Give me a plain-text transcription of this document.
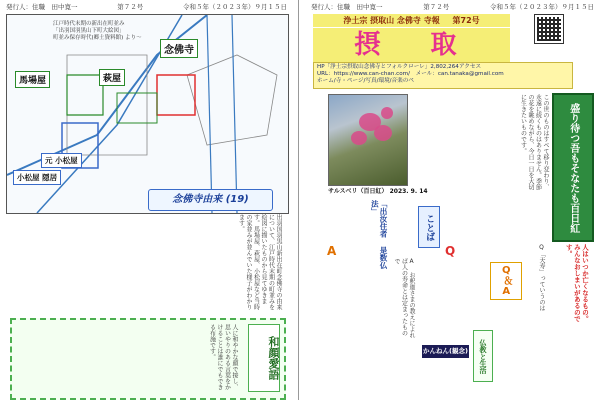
発行人：住職　田中寛一	第７２号	令和５年（２０２３年）９月１５日
江戸時代末期の新出在町並み
「出羽国羽黒山下町大絵図」
町並み保存時代(郷土資料館) より～
念佛寺
馬場屋	萩屋
元 小松屋
小松屋 隠居
念佛寺由来 (19)
出羽国羽黒山新出在町念佛寺の由来について、江戸時代末期の町並みを絵図に描いたものから見てゆきます。馬場屋、萩屋、小松屋など当時の家並みが並んでいた様子がわかります。
人に和やかな顔で接し、思いやりのある言葉をかけることは誰にでもできる布施です。	和顔愛語
発行人：住職　田中寛一	第７２号	令和５年（２０２３年）９月１５日
浄土宗 摂取山 念佛寺 寺報 第72号
摂　取
HP「浄土宗摂取山念佛寺とフォルクローレ」2,802,264アクセス
URL：https://www.can-chan.com/　メール：can.tanaka@gmail.com
ホーム/寺・ページ/写真/環境/音楽のペ
サルスベリ（百日紅） 2023. 9. 14
この世のものはすべて移り変わり、永遠に続くものはありません。季節の花を眺めながら、今日一日を大切に生きたいものです。	盛り待つ吾もそなたも百日紅
「出汝住者 是数仏法」
ことば
Q	Q「天寿」っていうのは
Q＆A
A
A お釈迦さまの教えによれば人の寿命とは定まったもので	人はいつか亡くなるもの。みんなおしまいがあるのです。
かんねん(観念)	仏教と生活
